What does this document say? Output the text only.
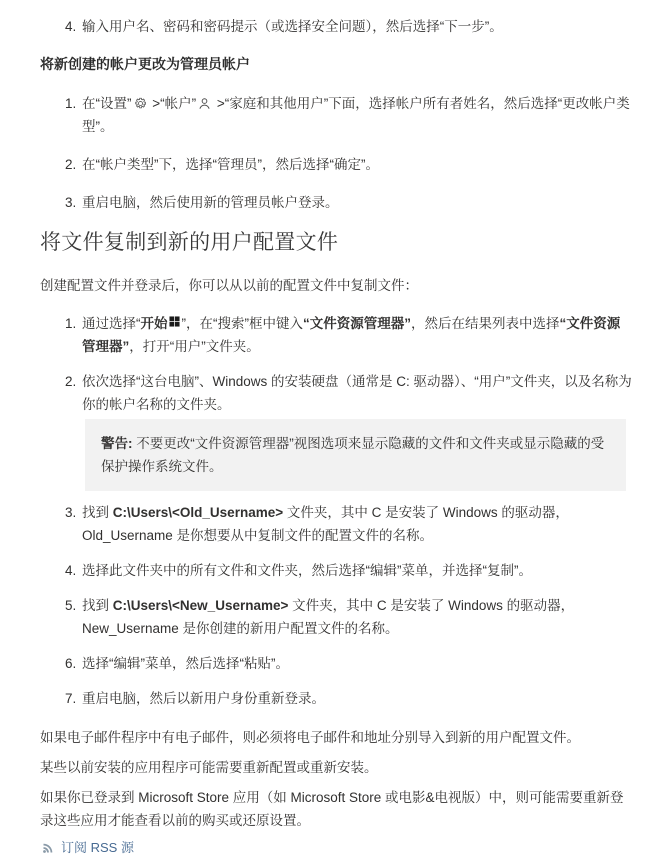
4. 输入用户名、密码和密码提示（或选择安全问题），然后选择“下一步”。
将新创建的帐户更改为管理员帐户
1. 在“设置” >“帐户” >“家庭和其他用户”下面，选择帐户所有者姓名，然后选择“更改帐户类型”。
2. 在“帐户类型”下，选择“管理员”，然后选择“确定”。
3. 重启电脑，然后使用新的管理员帐户登录。
将文件复制到新的用户配置文件

创建配置文件并登录后，你可以从以前的配置文件中复制文件：

1. 通过选择“开始 ”，在“搜索”框中键入“文件资源管理器”，然后在结果列表中选择“文件资源管理器”，打开“用户”文件夹。
2. 依次选择“这台电脑”、Windows 的安装硬盘（通常是 C: 驱动器）、“用户”文件夹，以及名称为你的帐户名称的文件夹。
警告: 不要更改“文件资源管理器”视图选项来显示隐藏的文件和文件夹或显示隐藏的受保护操作系统文件。
3. 找到 C:\Users\<Old_Username> 文件夹，其中 C 是安装了 Windows 的驱动器，Old_Username 是你想要从中复制文件的配置文件的名称。
4. 选择此文件夹中的所有文件和文件夹，然后选择“编辑”菜单，并选择“复制”。
5. 找到 C:\Users\<New_Username> 文件夹，其中 C 是安装了 Windows 的驱动器，New_Username 是你创建的新用户配置文件的名称。
6. 选择“编辑”菜单，然后选择“粘贴”。
7. 重启电脑，然后以新用户身份重新登录。

如果电子邮件程序中有电子邮件，则必须将电子邮件和地址分别导入到新的用户配置文件。

某些以前安装的应用程序可能需要重新配置或重新安装。

如果你已登录到 Microsoft Store 应用（如 Microsoft Store 或电影&电视版）中，则可能需要重新登录这些应用才能查看以前的购买或还原设置。

订阅 RSS 源
